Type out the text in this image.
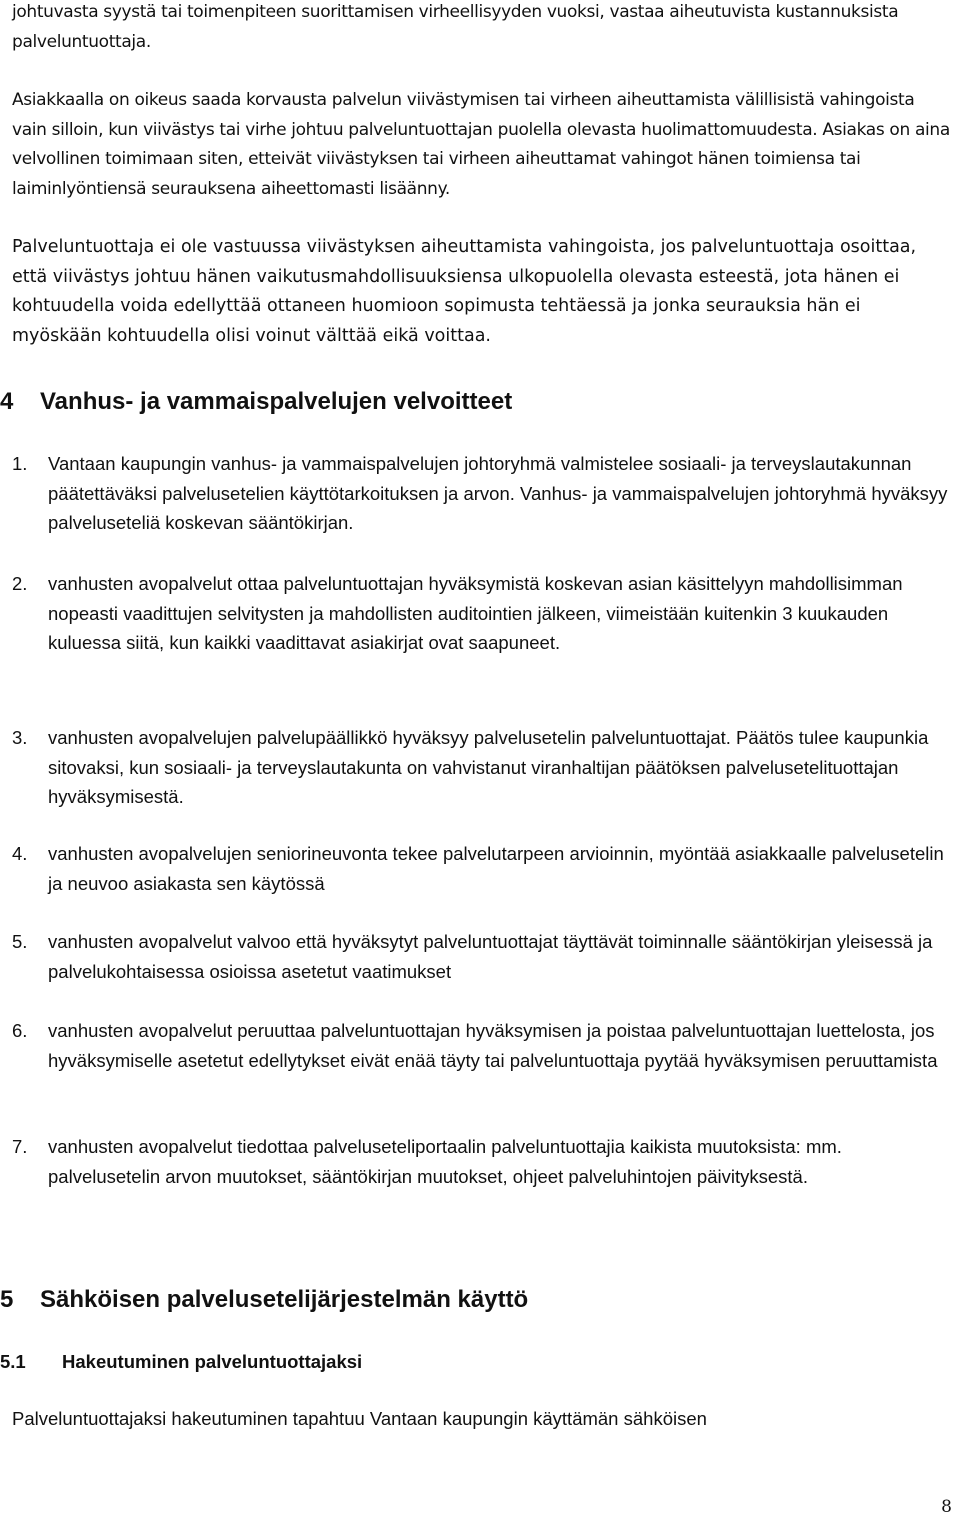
johtuvasta syystä tai toimenpiteen suorittamisen virheellisyyden vuoksi, vastaa aiheutuvista kustannuksista palveluntuottaja.

Asiakkaalla on oikeus saada korvausta palvelun viivästymisen tai virheen aiheuttamista välillisistä vahingoista vain silloin, kun viivästys tai virhe johtuu palveluntuottajan puolella olevasta huolimattomuudesta. Asiakas on aina velvollinen toimimaan siten, etteivät viivästyksen tai virheen aiheuttamat vahingot hänen toimiensa tai laiminlyöntiensä seurauksena aiheettomasti lisäänny.

Palveluntuottaja ei ole vastuussa viivästyksen aiheuttamista vahingoista, jos palveluntuottaja osoittaa, että viivästys johtuu hänen vaikutusmahdollisuuksiensa ulkopuolella olevasta esteestä, jota hänen ei kohtuudella voida edellyttää ottaneen huomioon sopimusta tehtäessä ja jonka seurauksia hän ei myöskään kohtuudella olisi voinut välttää eikä voittaa.

4 Vanhus- ja vammaispalvelujen velvoitteet
1.	Vantaan kaupungin vanhus- ja vammaispalvelujen johtoryhmä valmistelee sosiaali- ja terveyslautakunnan päätettäväksi palvelusetelien käyttötarkoituksen ja arvon. Vanhus- ja vammaispalvelujen johtoryhmä hyväksyy palveluseteliä koskevan sääntökirjan.
2.	vanhusten avopalvelut ottaa palveluntuottajan hyväksymistä koskevan asian käsittelyyn mahdollisimman nopeasti vaadittujen selvitysten ja mahdollisten auditointien jälkeen, viimeistään kuitenkin 3 kuukauden kuluessa siitä, kun kaikki vaadittavat asiakirjat ovat saapuneet.
3.	vanhusten avopalvelujen palvelupäällikkö hyväksyy palvelusetelin palveluntuottajat. Päätös tulee kaupunkia sitovaksi, kun sosiaali- ja terveyslautakunta on vahvistanut viranhaltijan päätöksen palvelusetelituottajan hyväksymisestä.
4.	vanhusten avopalvelujen seniorineuvonta tekee palvelutarpeen arvioinnin, myöntää asiakkaalle palvelusetelin ja neuvoo asiakasta sen käytössä
5.	vanhusten avopalvelut valvoo että hyväksytyt palveluntuottajat täyttävät toiminnalle sääntökirjan yleisessä ja palvelukohtaisessa osioissa asetetut vaatimukset
6.	vanhusten avopalvelut peruuttaa palveluntuottajan hyväksymisen ja poistaa palveluntuottajan luettelosta, jos hyväksymiselle asetetut edellytykset eivät enää täyty tai palveluntuottaja pyytää hyväksymisen peruuttamista
7.	vanhusten avopalvelut tiedottaa palveluseteliportaalin palveluntuottajia kaikista muutoksista: mm. palvelusetelin arvon muutokset, sääntökirjan muutokset, ohjeet palveluhintojen päivityksestä.
5 Sähköisen palvelusetelijärjestelmän käyttö
5.1 Hakeutuminen palveluntuottajaksi
Palveluntuottajaksi hakeutuminen tapahtuu Vantaan kaupungin käyttämän sähköisen
8
